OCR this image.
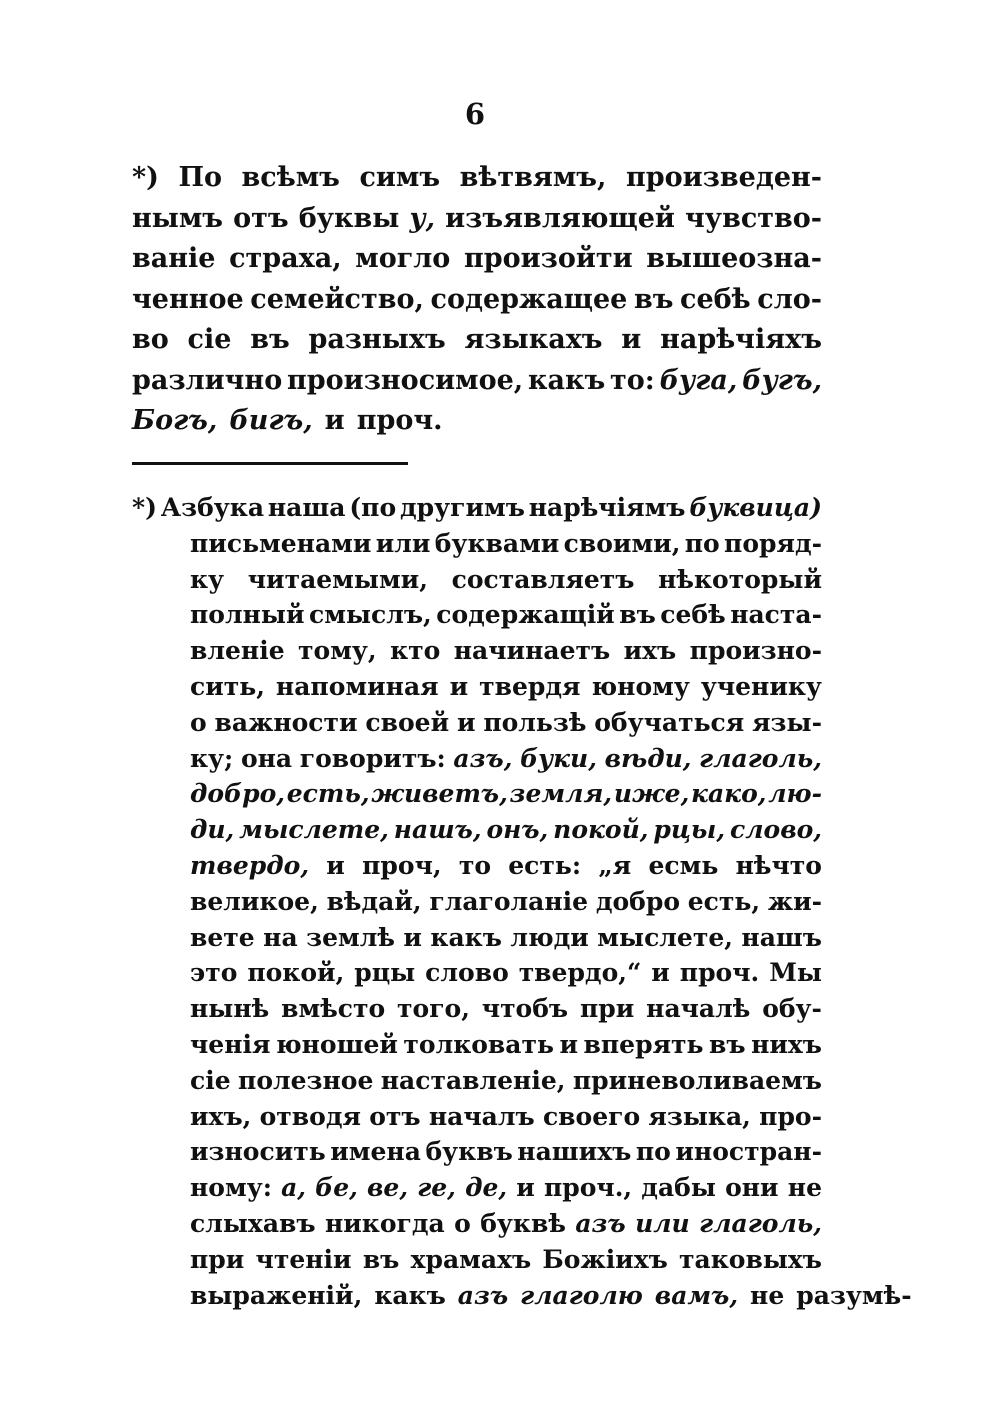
6
*) По всѣмъ симъ вѣтвямъ, произведен-
нымъ отъ буквы у, изъявляющей чувство-
ваніе страха, могло произойти вышеозна-
ченное семейство, содержащее въ себѣ сло-
во сіе въ разныхъ языкахъ и нарѣчіяхъ
различно произносимое, какъ то: буга, бугъ,
Богъ, бигъ, и проч.
*) Азбука наша (по другимъ нарѣчіямъ буквица)
письменами или буквами своими, по поряд-
ку читаемыми, составляетъ нѣкоторый
полный смыслъ, содержащій въ себѣ наста-
вленіе тому, кто начинаетъ ихъ произно-
сить, напоминая и твердя юному ученику
о важности своей и пользѣ обучаться язы-
ку; она говоритъ: азъ, буки, вѣди, глаголь,
добро, есть, живетъ, земля, иже, како, лю-
ди, мыслете, нашъ, онъ, покой, рцы, слово,
твердо, и проч, то есть: „я есмь нѣчто
великое, вѣдай, глаголаніе добро есть, жи-
вете на землѣ и какъ люди мыслете, нашъ
это покой, рцы слово твердо,“ и проч. Мы
нынѣ вмѣсто того, чтобъ при началѣ обу-
ченія юношей толковать и вперять въ нихъ
сіе полезное наставленіе, приневоливаемъ
ихъ, отводя отъ началъ своего языка, про-
износить имена буквъ нашихъ по иностран-
ному: а, бе, ве, ге, де, и проч., дабы они не
слыхавъ никогда о буквѣ азъ или глаголь,
при чтеніи въ храмахъ Божіихъ таковыхъ
выраженій, какъ азъ глаголю вамъ, не разумѣ-
